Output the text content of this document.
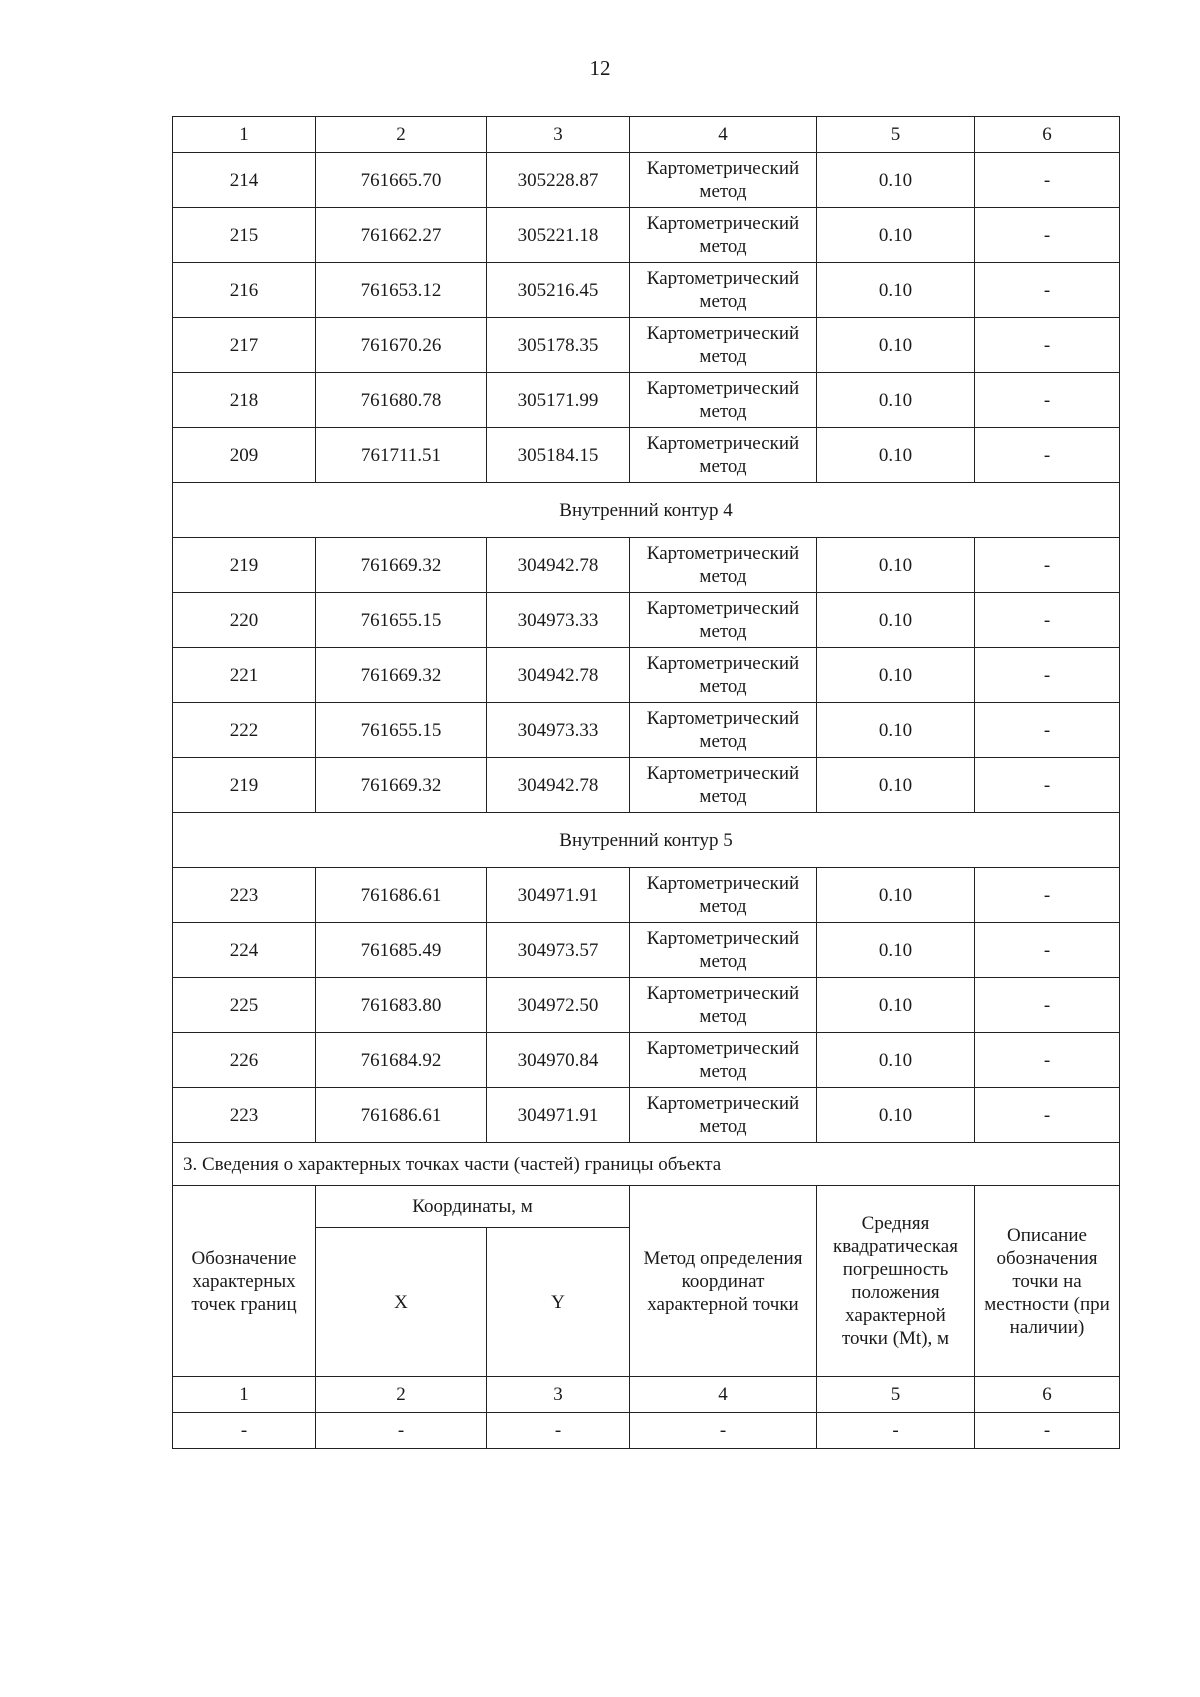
12
1	2	3	4	5	6
214	761665.70	305228.87	Картометрический метод	0.10	-
215	761662.27	305221.18	Картометрический метод	0.10	-
216	761653.12	305216.45	Картометрический метод	0.10	-
217	761670.26	305178.35	Картометрический метод	0.10	-
218	761680.78	305171.99	Картометрический метод	0.10	-
209	761711.51	305184.15	Картометрический метод	0.10	-
Внутренний контур 4					
219	761669.32	304942.78	Картометрический метод	0.10	-
220	761655.15	304973.33	Картометрический метод	0.10	-
221	761669.32	304942.78	Картометрический метод	0.10	-
222	761655.15	304973.33	Картометрический метод	0.10	-
219	761669.32	304942.78	Картометрический метод	0.10	-
Внутренний контур 5					
223	761686.61	304971.91	Картометрический метод	0.10	-
224	761685.49	304973.57	Картометрический метод	0.10	-
225	761683.80	304972.50	Картометрический метод	0.10	-
226	761684.92	304970.84	Картометрический метод	0.10	-
223	761686.61	304971.91	Картометрический метод	0.10	-
3. Сведения о характерных точках части (частей) границы объекта					
Обозначение характерных точек границ	Координаты, м		Метод определения координат характерной точки	Средняя квадратическая погрешность положения характерной точки (Mt), м	Описание обозначения точки на местности (при наличии)
	X	Y			
1	2	3	4	5	6
-	-	-	-	-	-
